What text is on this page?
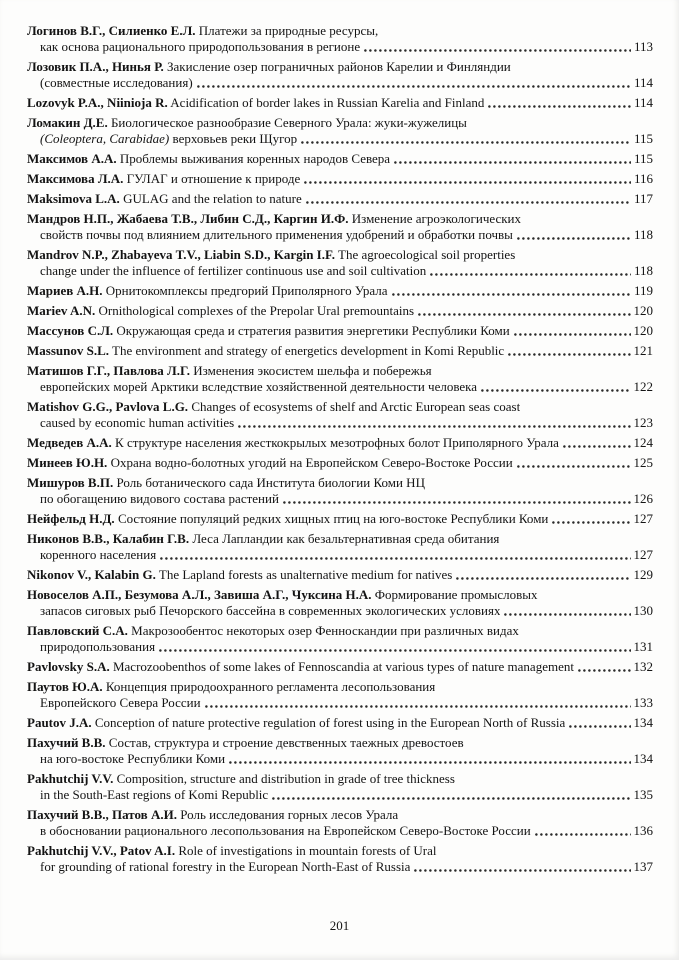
Логинов В.Г., Силиенко Е.Л. Платежи за природные ресурсы,
как основа рационального природопользования в регионе	113
Лозовик П.А., Нинья Р. Закисление озер пограничных районов Карелии и Финляндии
(совместные исследования)	114
Lozovyk P.A., Niinioja R. Acidification of border lakes in Russian Karelia and Finland	114
Ломакин Д.Е. Биологическое разнообразие Северного Урала: жуки-жужелицы
(Coleoptera, Carabidae) верховьев реки Щугор	115
Максимов А.А. Проблемы выживания коренных народов Севера	115
Максимова Л.А. ГУЛАГ и отношение к природе	116
Maksimova L.A. GULAG and the relation to nature	117
Мандров Н.П., Жабаева Т.В., Либин С.Д., Каргин И.Ф. Изменение агроэкологических
свойств почвы под влиянием длительного применения удобрений и обработки почвы	118
Mandrov N.P., Zhabayeva T.V., Liabin S.D., Kargin I.F. The agroecological soil properties
change under the influence of fertilizer continuous use and soil cultivation	118
Мариев А.Н. Орнитокомплексы предгорий Приполярного Урала	119
Mariev A.N. Ornithological complexes of the Prepolar Ural premountains	120
Массунов С.Л. Окружающая среда и стратегия развития энергетики Республики Коми	120
Massunov S.L. The environment and strategy of energetics development in Komi Republic	121
Матишов Г.Г., Павлова Л.Г. Изменения экосистем шельфа и побережья
европейских морей Арктики вследствие хозяйственной деятельности человека	122
Matishov G.G., Pavlova L.G. Changes of ecosystems of shelf and Arctic European seas coast
caused by economic human activities	123
Медведев А.А. К структуре населения жесткокрылых мезотрофных болот Приполярного Урала	124
Минеев Ю.Н. Охрана водно-болотных угодий на Европейском Северо-Востоке России	125
Мишуров В.П. Роль ботанического сада Института биологии Коми НЦ
по обогащению видового состава растений	126
Нейфельд Н.Д. Состояние популяций редких хищных птиц на юго-востоке Республики Коми	127
Никонов В.В., Калабин Г.В. Леса Лапландии как безальтернативная среда обитания
коренного населения	127
Nikonov V., Kalabin G. The Lapland forests as unalternative medium for natives	129
Новоселов А.П., Безумова А.Л., Завиша А.Г., Чуксина Н.А. Формирование промысловых
запасов сиговых рыб Печорского бассейна в современных экологических условиях	130
Павловский С.А. Макрозообентос некоторых озер Фенноскандии при различных видах
природопользования	131
Pavlovsky S.A. Macrozoobenthos of some lakes of Fennoscandia at various types of nature management	132
Паутов Ю.А. Концепция природоохранного регламента лесопользования
Европейского Севера России	133
Pautov J.A. Conception of nature protective regulation of forest using in the European North of Russia	134
Пахучий В.В. Состав, структура и строение девственных таежных древостоев
на юго-востоке Республики Коми	134
Pakhutchij V.V. Composition, structure and distribution in grade of tree thickness
in the South-East regions of Komi Republic	135
Пахучий В.В., Патов А.И. Роль исследования горных лесов Урала
в обосновании рационального лесопользования на Европейском Северо-Востоке России	136
Pakhutchij V.V., Patov A.I. Role of investigations in mountain forests of Ural
for grounding of rational forestry in the European North-East of Russia	137
201
